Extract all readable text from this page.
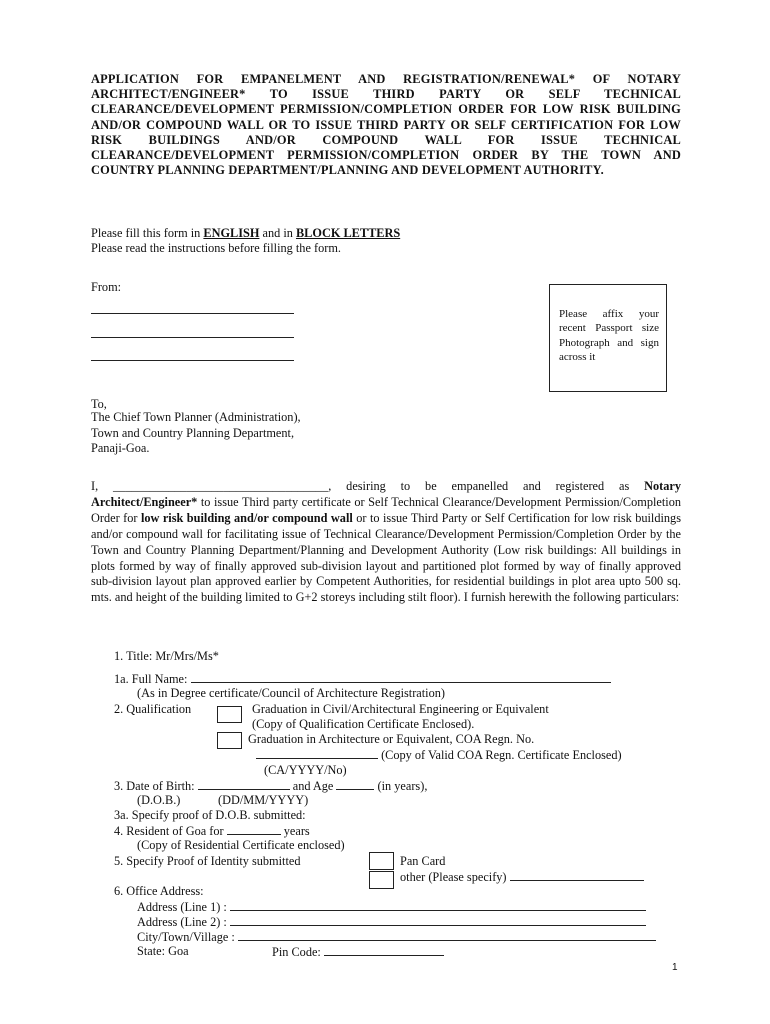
APPLICATION FOR EMPANELMENT AND REGISTRATION/RENEWAL* OF NOTARY ARCHITECT/ENGINEER* TO ISSUE THIRD PARTY OR SELF TECHNICAL CLEARANCE/DEVELOPMENT PERMISSION/COMPLETION ORDER FOR LOW RISK BUILDING AND/OR COMPOUND WALL OR TO ISSUE THIRD PARTY OR SELF CERTIFICATION FOR LOW RISK BUILDINGS AND/OR COMPOUND WALL FOR ISSUE TECHNICAL CLEARANCE/DEVELOPMENT PERMISSION/COMPLETION ORDER BY THE TOWN AND COUNTRY PLANNING DEPARTMENT/PLANNING AND DEVELOPMENT AUTHORITY.
Please fill this form in ENGLISH and in BLOCK LETTERS
Please read the instructions before filling the form.
From:
Please affix your recent Passport size Photograph and sign across it
To,
The Chief Town Planner (Administration),
Town and Country Planning Department,
Panaji-Goa.
I, ___________________________________, desiring to be empanelled and registered as Notary Architect/Engineer* to issue Third party certificate or Self Technical Clearance/Development Permission/Completion Order for low risk building and/or compound wall or to issue Third Party or Self Certification for low risk buildings and/or compound wall for facilitating issue of Technical Clearance/Development Permission/Completion Order by the Town and Country Planning Department/Planning and Development Authority (Low risk buildings: All buildings in plots formed by way of finally approved sub-division layout and partitioned plot formed by way of finally approved sub-division layout plan approved earlier by Competent Authorities, for residential buildings in plot area upto 500 sq. mts. and height of the building limited to G+2 storeys including stilt floor). I furnish herewith the following particulars:
1. Title: Mr/Mrs/Ms*
1a. Full Name:
(As in Degree certificate/Council of Architecture Registration)
2. Qualification	Graduation in Civil/Architectural Engineering or Equivalent
(Copy of Qualification Certificate Enclosed).
Graduation in Architecture or Equivalent, COA Regn. No.
(Copy of Valid COA Regn. Certificate Enclosed)
(CA/YYYY/No)
3. Date of Birth:	and Age	(in years),
(D.O.B.)	(DD/MM/YYYY)
3a. Specify proof of D.O.B. submitted:
4. Resident of Goa for	years
(Copy of Residential Certificate enclosed)
5. Specify Proof of Identity submitted	Pan Card
other (Please specify)
6. Office Address:
Address (Line 1) :
Address (Line 2) :
City/Town/Village :
State: Goa	Pin Code:
1
